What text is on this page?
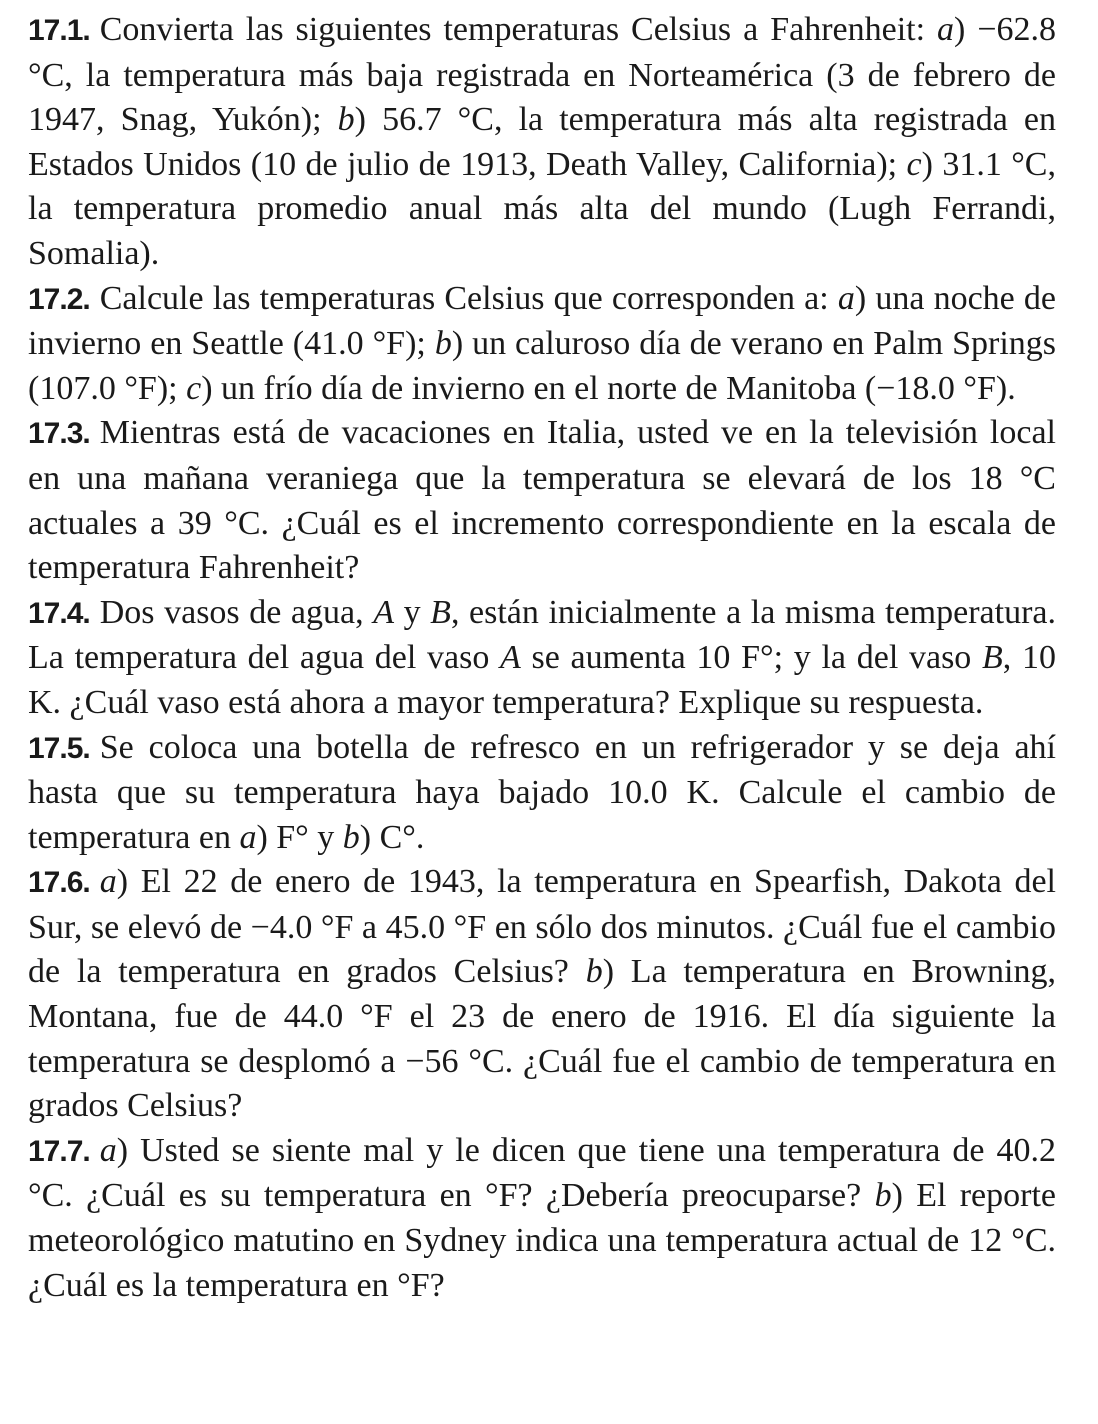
17.1. Convierta las siguientes temperaturas Celsius a Fahrenheit: a) −62.8 °C, la temperatura más baja registrada en Norteamérica (3 de febrero de 1947, Snag, Yukón); b) 56.7 °C, la temperatura más alta registrada en Estados Unidos (10 de julio de 1913, Death Valley, California); c) 31.1 °C, la temperatura promedio anual más alta del mundo (Lugh Ferrandi, Somalia).

17.2. Calcule las temperaturas Celsius que corresponden a: a) una noche de invierno en Seattle (41.0 °F); b) un caluroso día de verano en Palm Springs (107.0 °F); c) un frío día de invierno en el norte de Manitoba (−18.0 °F).

17.3. Mientras está de vacaciones en Italia, usted ve en la televisión local en una mañana veraniega que la temperatura se elevará de los 18 °C actuales a 39 °C. ¿Cuál es el incremento correspondiente en la escala de temperatura Fahrenheit?

17.4. Dos vasos de agua, A y B, están inicialmente a la misma temperatura. La temperatura del agua del vaso A se aumenta 10 F°; y la del vaso B, 10 K. ¿Cuál vaso está ahora a mayor temperatura? Explique su respuesta.

17.5. Se coloca una botella de refresco en un refrigerador y se deja ahí hasta que su temperatura haya bajado 10.0 K. Calcule el cambio de temperatura en a) F° y b) C°.

17.6. a) El 22 de enero de 1943, la temperatura en Spearfish, Dakota del Sur, se elevó de −4.0 °F a 45.0 °F en sólo dos minutos. ¿Cuál fue el cambio de la temperatura en grados Celsius? b) La temperatura en Browning, Montana, fue de 44.0 °F el 23 de enero de 1916. El día siguiente la temperatura se desplomó a −56 °C. ¿Cuál fue el cambio de temperatura en grados Celsius?

17.7. a) Usted se siente mal y le dicen que tiene una temperatura de 40.2 °C. ¿Cuál es su temperatura en °F? ¿Debería preocuparse? b) El reporte meteorológico matutino en Sydney indica una temperatura actual de 12 °C. ¿Cuál es la temperatura en °F?
